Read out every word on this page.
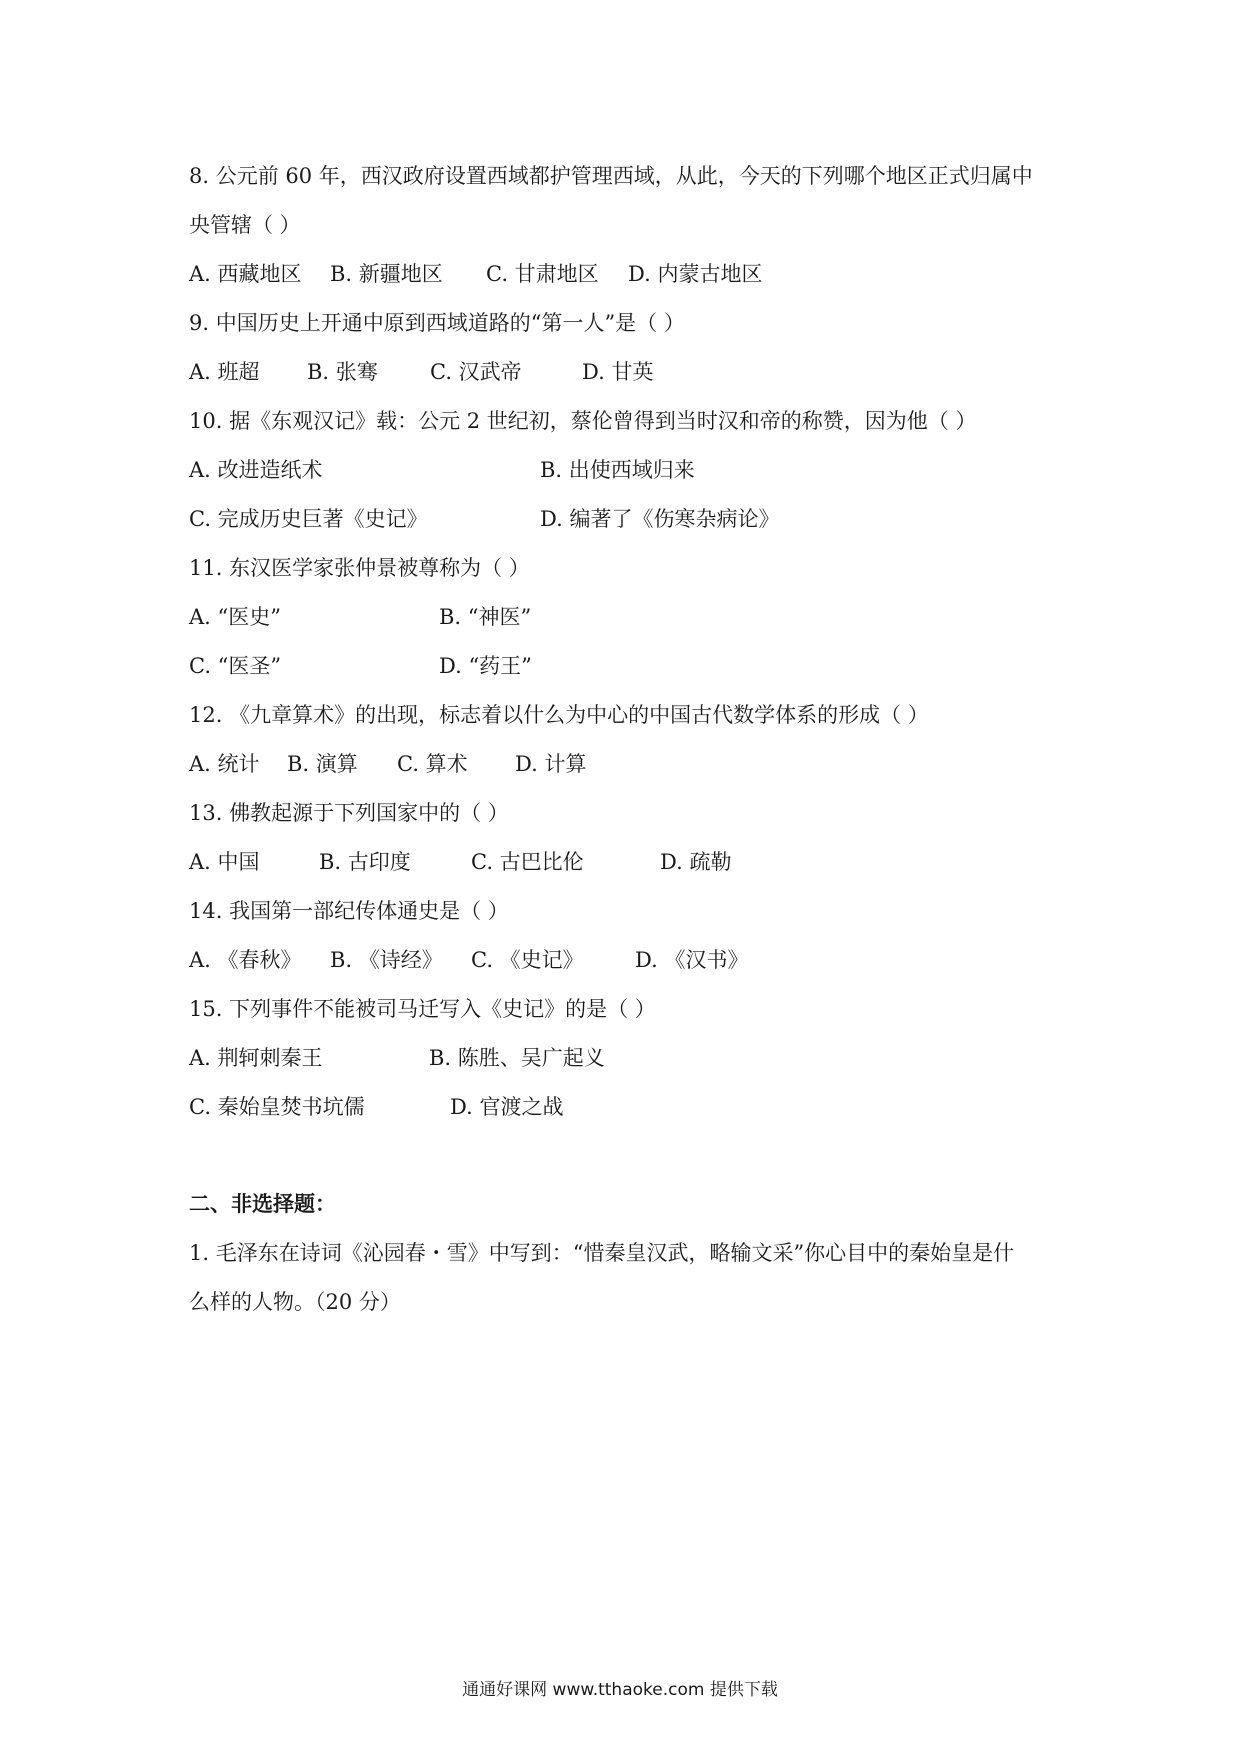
8. 公元前 60 年，西汉政府设置西域都护管理西域，从此，今天的下列哪个地区正式归属中
央管辖（ ）
A. 西藏地区 B. 新疆地区 C. 甘肃地区 D. 内蒙古地区
9. 中国历史上开通中原到西域道路的“第一人”是（ ）
A. 班超 B. 张骞 C. 汉武帝	D. 甘英
10. 据《东观汉记》载：公元 2 世纪初，蔡伦曾得到当时汉和帝的称赞，因为他（ ）
A. 改进造纸术	B. 出使西域归来
C. 完成历史巨著《史记》	D. 编著了《伤寒杂病论》
11. 东汉医学家张仲景被尊称为（ ）
A. “医史”	B. “神医”
C. “医圣”	D. “药王”
12. 《九章算术》的出现，标志着以什么为中心的中国古代数学体系的形成（ ）
A. 统计 B. 演算 C. 算术 D. 计算
13. 佛教起源于下列国家中的（ ）
A. 中国	B. 古印度	C. 古巴比伦	D. 疏勒
14. 我国第一部纪传体通史是（ ）
A. 《春秋》 B. 《诗经》 C. 《史记》 D. 《汉书》
15. 下列事件不能被司马迁写入《史记》的是（ ）
A. 荆轲刺秦王	B. 陈胜、吴广起义
C. 秦始皇焚书坑儒	D. 官渡之战
二、非选择题：
1. 毛泽东在诗词《沁园春・雪》中写到：“惜秦皇汉武，略输文采”你心目中的秦始皇是什
么样的人物。（20 分）
通通好课网 www.tthaoke.com 提供下载
